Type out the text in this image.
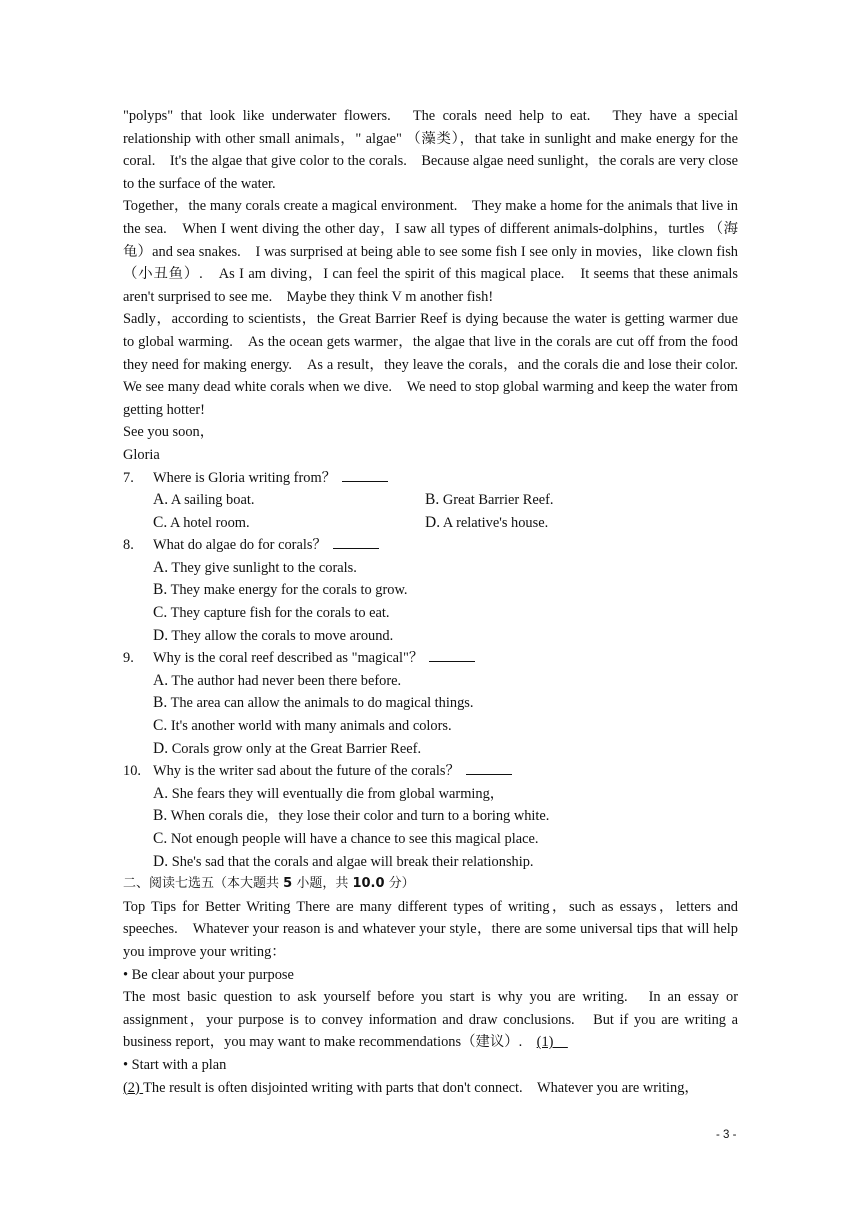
"polyps" that look like underwater flowers.　The corals need help to eat.　They have a special relationship with other small animals，" algae" （藻类），that take in sunlight and make energy for the coral.　It's the algae that give color to the corals.　Because algae need sunlight，the corals are very close to the surface of the water.

Together，the many corals create a magical environment.　They make a home for the animals that live in the sea.　When I went diving the other day，I saw all types of different animals-dolphins，turtles （海龟）and sea snakes.　I was surprised at being able to see some fish I see only in movies，like clown fish（小丑鱼）.　As I am diving，I can feel the spirit of this magical place.　It seems that these animals aren't surprised to see me.　Maybe they think V m another fish!

Sadly，according to scientists，the Great Barrier Reef is dying because the water is getting warmer due to global warming.　As the ocean gets warmer，the algae that live in the corals are cut off from the food they need for making energy.　As a result，they leave the corals，and the corals die and lose their color.　We see many dead white corals when we dive.　We need to stop global warming and keep the water from getting hotter!

See you soon，

Gloria

7. Where is Gloria writing from？
A. A sailing boat.	B. Great Barrier Reef.
C. A hotel room.	D. A relative's house.
8. What do algae do for corals？
A. They give sunlight to the corals.
B. They make energy for the corals to grow.
C. They capture fish for the corals to eat.
D. They allow the corals to move around.
9. Why is the coral reef described as "magical"？
A. The author had never been there before.
B. The area can allow the animals to do magical things.
C. It's another world with many animals and colors.
D. Corals grow only at the Great Barrier Reef.
10. Why is the writer sad about the future of the corals？
A. She fears they will eventually die from global warming，
B. When corals die，they lose their color and turn to a boring white.
C. Not enough people will have a chance to see this magical place.
D. She's sad that the corals and algae will break their relationship.
二、阅读七选五（本大题共 5 小题，共 10.0 分）

Top Tips for Better Writing There are many different types of writing，such as essays，letters and speeches.　Whatever your reason is and whatever your style，there are some universal tips that will help you improve your writing：

• Be clear about your purpose

The most basic question to ask yourself before you start is why you are writing.　In an essay or assignment，your purpose is to convey information and draw conclusions.　But if you are writing a business report，you may want to make recommendations（建议）.　 (1)　

• Start with a plan

(2) The result is often disjointed writing with parts that don't connect.　Whatever you are writing，

- 3 -
